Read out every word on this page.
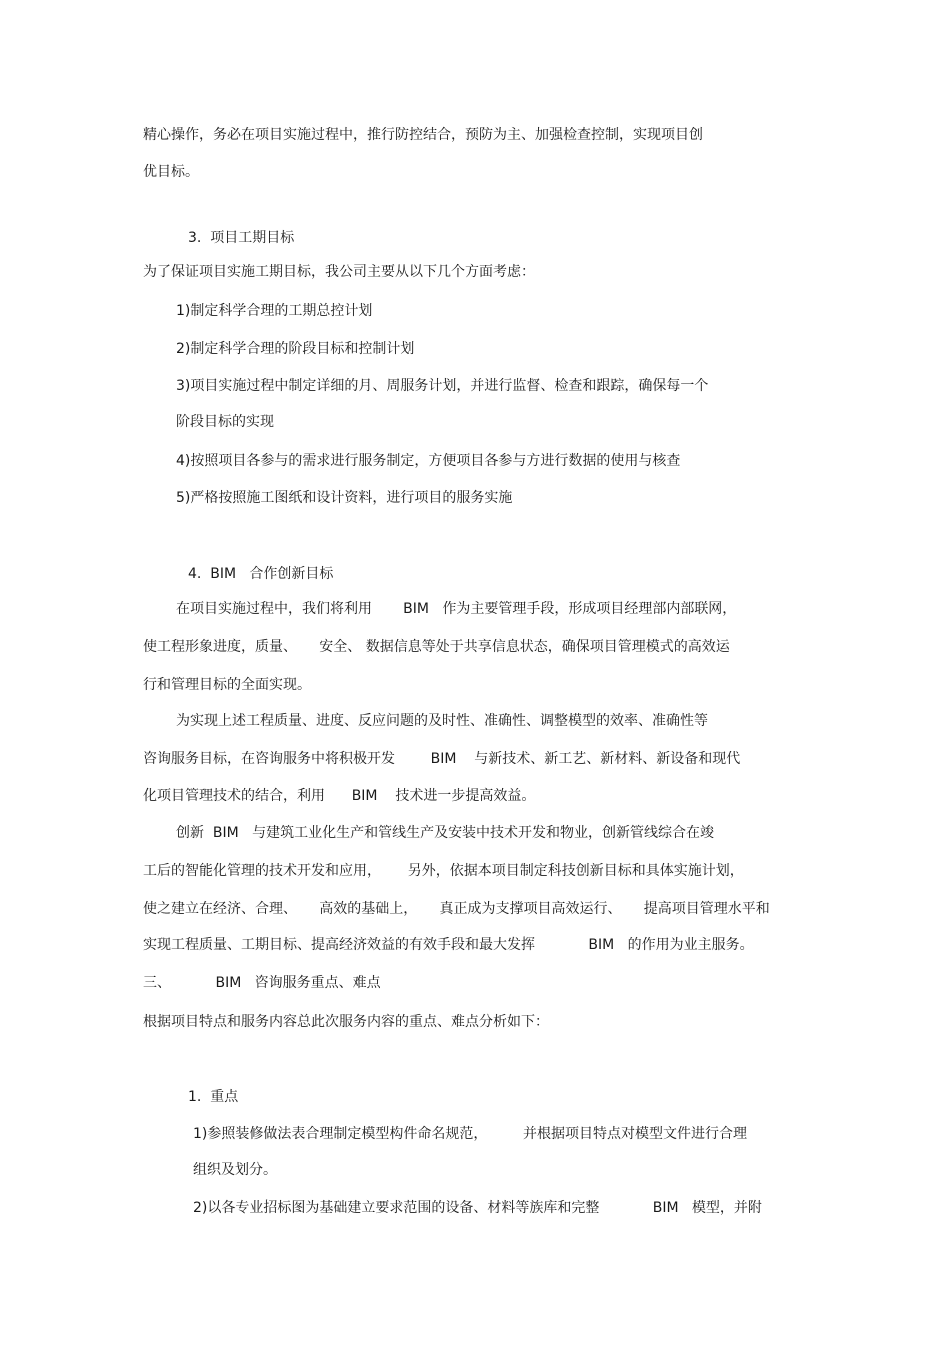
精心操作，务必在项目实施过程中，推行防控结合，预防为主、加强检查控制，实现项目创
优目标。
3.  项目工期目标
为了保证项目实施工期目标，我公司主要从以下几个方面考虑：
1)制定科学合理的工期总控计划
2)制定科学合理的阶段目标和控制计划
3)项目实施过程中制定详细的月、周服务计划，并进行监督、检查和跟踪，确保每一个
阶段目标的实现
4)按照项目各参与的需求进行服务制定，方便项目各参与方进行数据的使用与核查
5)严格按照施工图纸和设计资料，进行项目的服务实施
4.  BIM   合作创新目标
在项目实施过程中，我们将利用       BIM   作为主要管理手段，形成项目经理部内部联网，
使工程形象进度，质量、     安全、 数据信息等处于共享信息状态，确保项目管理模式的高效运
行和管理目标的全面实现。
为实现上述工程质量、进度、反应问题的及时性、准确性、调整模型的效率、准确性等
咨询服务目标，在咨询服务中将积极开发        BIM    与新技术、新工艺、新材料、新设备和现代
化项目管理技术的结合，利用      BIM    技术进一步提高效益。
创新  BIM   与建筑工业化生产和管线生产及安装中技术开发和物业，创新管线综合在竣
工后的智能化管理的技术开发和应用，      另外，依据本项目制定科技创新目标和具体实施计划，
使之建立在经济、合理、     高效的基础上，     真正成为支撑项目高效运行、     提高项目管理水平和
实现工程质量、工期目标、提高经济效益的有效手段和最大发挥            BIM   的作用为业主服务。
三、          BIM   咨询服务重点、难点
根据项目特点和服务内容总此次服务内容的重点、难点分析如下：
1.  重点
1)参照装修做法表合理制定模型构件命名规范，        并根据项目特点对模型文件进行合理
组织及划分。
2)以各专业招标图为基础建立要求范围的设备、材料等族库和完整            BIM   模型，并附
